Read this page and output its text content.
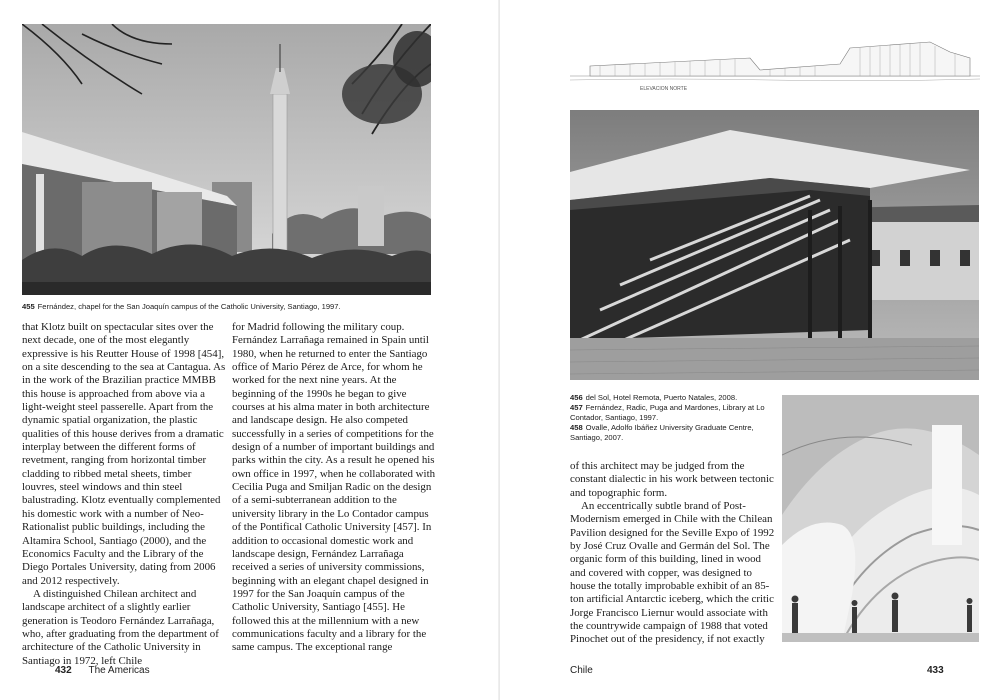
455 Fernández, chapel for the San Joaquín campus of the Catholic University, Santiago, 1997.

that Klotz built on spectacular sites over the next decade, one of the most elegantly expressive is his Reutter House of 1998 [454], on a site descending to the sea at Cantagua. As in the work of the Brazilian practice MMBB this house is approached from above via a light-weight steel passerelle. Apart from the dynamic spatial organization, the plastic qualities of this house derives from a dramatic interplay between the different forms of revetment, ranging from horizontal timber cladding to ribbed metal sheets, timber louvres, steel windows and thin steel balustrading. Klotz eventually complemented his domestic work with a number of Neo-Rationalist public buildings, including the Altamira School, Santiago (2000), and the Economics Faculty and the Library of the Diego Portales University, dating from 2006 and 2012 respectively.

A distinguished Chilean architect and landscape architect of a slightly earlier generation is Teodoro Fernández Larrañaga, who, after graduating from the department of architecture of the Catholic University in Santiago in 1972, left Chile

for Madrid following the military coup. Fernández Larrañaga remained in Spain until 1980, when he returned to enter the Santiago office of Mario Pérez de Arce, for whom he worked for the next nine years. At the beginning of the 1990s he began to give courses at his alma mater in both architecture and landscape design. He also competed successfully in a series of competitions for the design of a number of important buildings and parks within the city. As a result he opened his own office in 1997, when he collaborated with Cecilia Puga and Smiljan Radic on the design of a semi-subterranean addition to the university library in the Lo Contador campus of the Pontifical Catholic University [457]. In addition to occasional domestic work and landscape design, Fernández Larrañaga received a series of university commissions, beginning with an elegant chapel designed in 1997 for the San Joaquín campus of the Catholic University, Santiago [455]. He followed this at the millennium with a new communications faculty and a library for the same campus. The exceptional range

432 The Americas
ELEVACION NORTE
456 del Sol, Hotel Remota, Puerto Natales, 2008.
457 Fernández, Radic, Puga and Mardones, Library at Lo Contador, Santiago, 1997.
458 Ovalle, Adolfo Ibáñez University Graduate Centre, Santiago, 2007.

of this architect may be judged from the constant dialectic in his work between tectonic and topographic form.

An eccentrically subtle brand of Post-Modernism emerged in Chile with the Chilean Pavilion designed for the Seville Expo of 1992 by José Cruz Ovalle and Germán del Sol. The organic form of this building, lined in wood and covered with copper, was designed to house the totally improbable exhibit of an 85-ton artificial Antarctic iceberg, which the critic Jorge Francisco Liernur would associate with the countrywide campaign of 1988 that voted Pinochet out of the presidency, if not exactly

Chile	433
